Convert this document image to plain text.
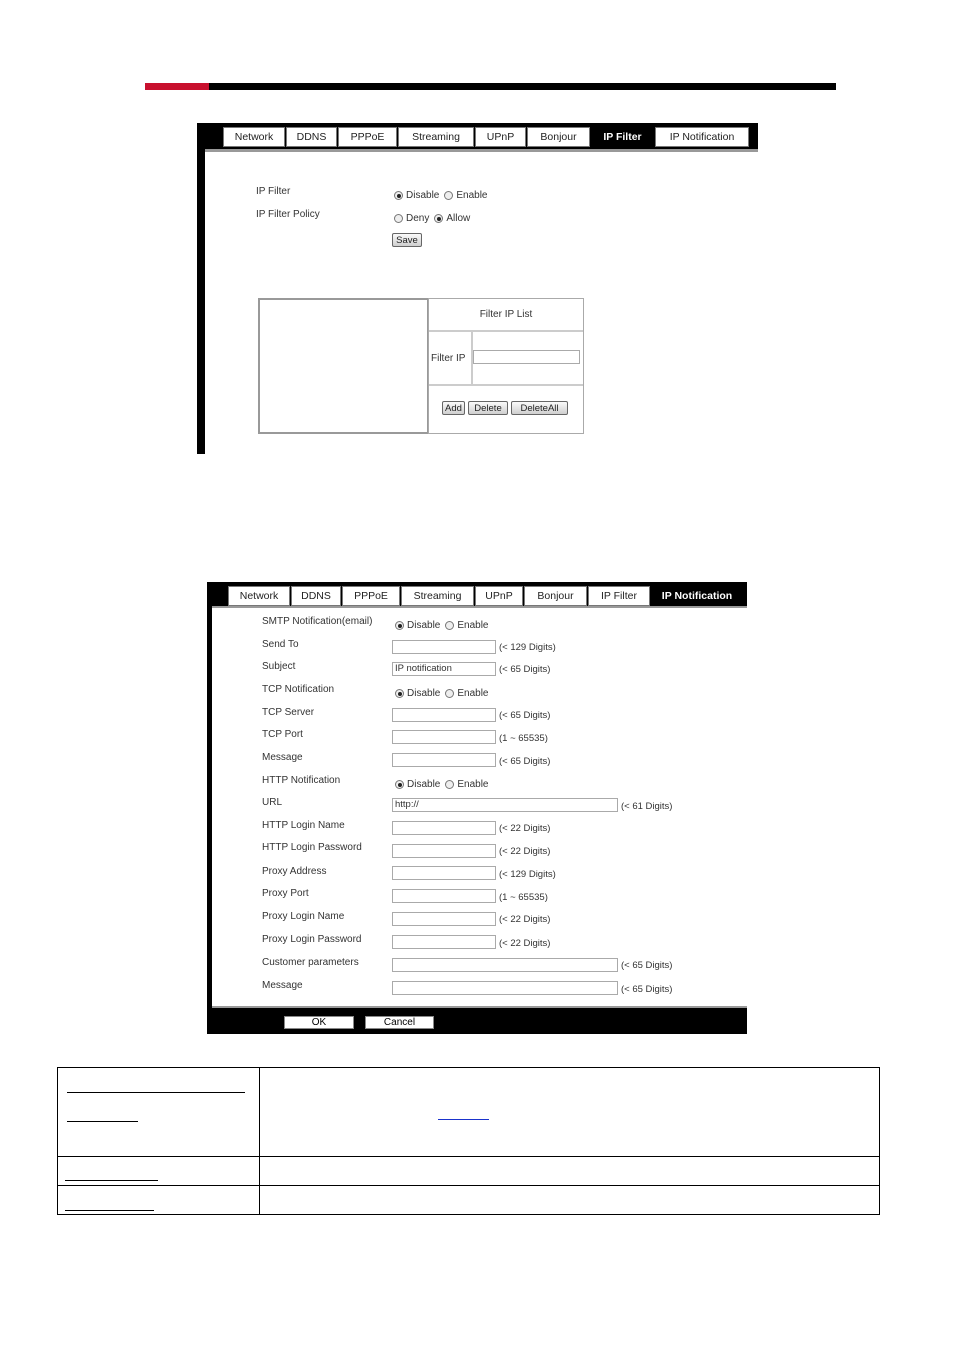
Network	DDNS	PPPoE	Streaming	UPnP	Bonjour	IP Filter	IP Notification
IP Filter	Disable Enable
IP Filter Policy	Deny Allow
Save
Filter IP List
Filter IP
Add	Delete	DeleteAll
Network	DDNS	PPPoE	Streaming	UPnP	Bonjour	IP Filter	IP Notification
SMTP Notification(email)	Disable Enable
Send To	(< 129 Digits)
Subject	IP notification	(< 65 Digits)
TCP Notification	Disable Enable
TCP Server	(< 65 Digits)
TCP Port	(1 ~ 65535)
Message	(< 65 Digits)
HTTP Notification	Disable Enable
URL	http://	(< 61 Digits)
HTTP Login Name	(< 22 Digits)
HTTP Login Password	(< 22 Digits)
Proxy Address	(< 129 Digits)
Proxy Port	(1 ~ 65535)
Proxy Login Name	(< 22 Digits)
Proxy Login Password	(< 22 Digits)
Customer parameters	(< 65 Digits)
Message	(< 65 Digits)
OK	Cancel
